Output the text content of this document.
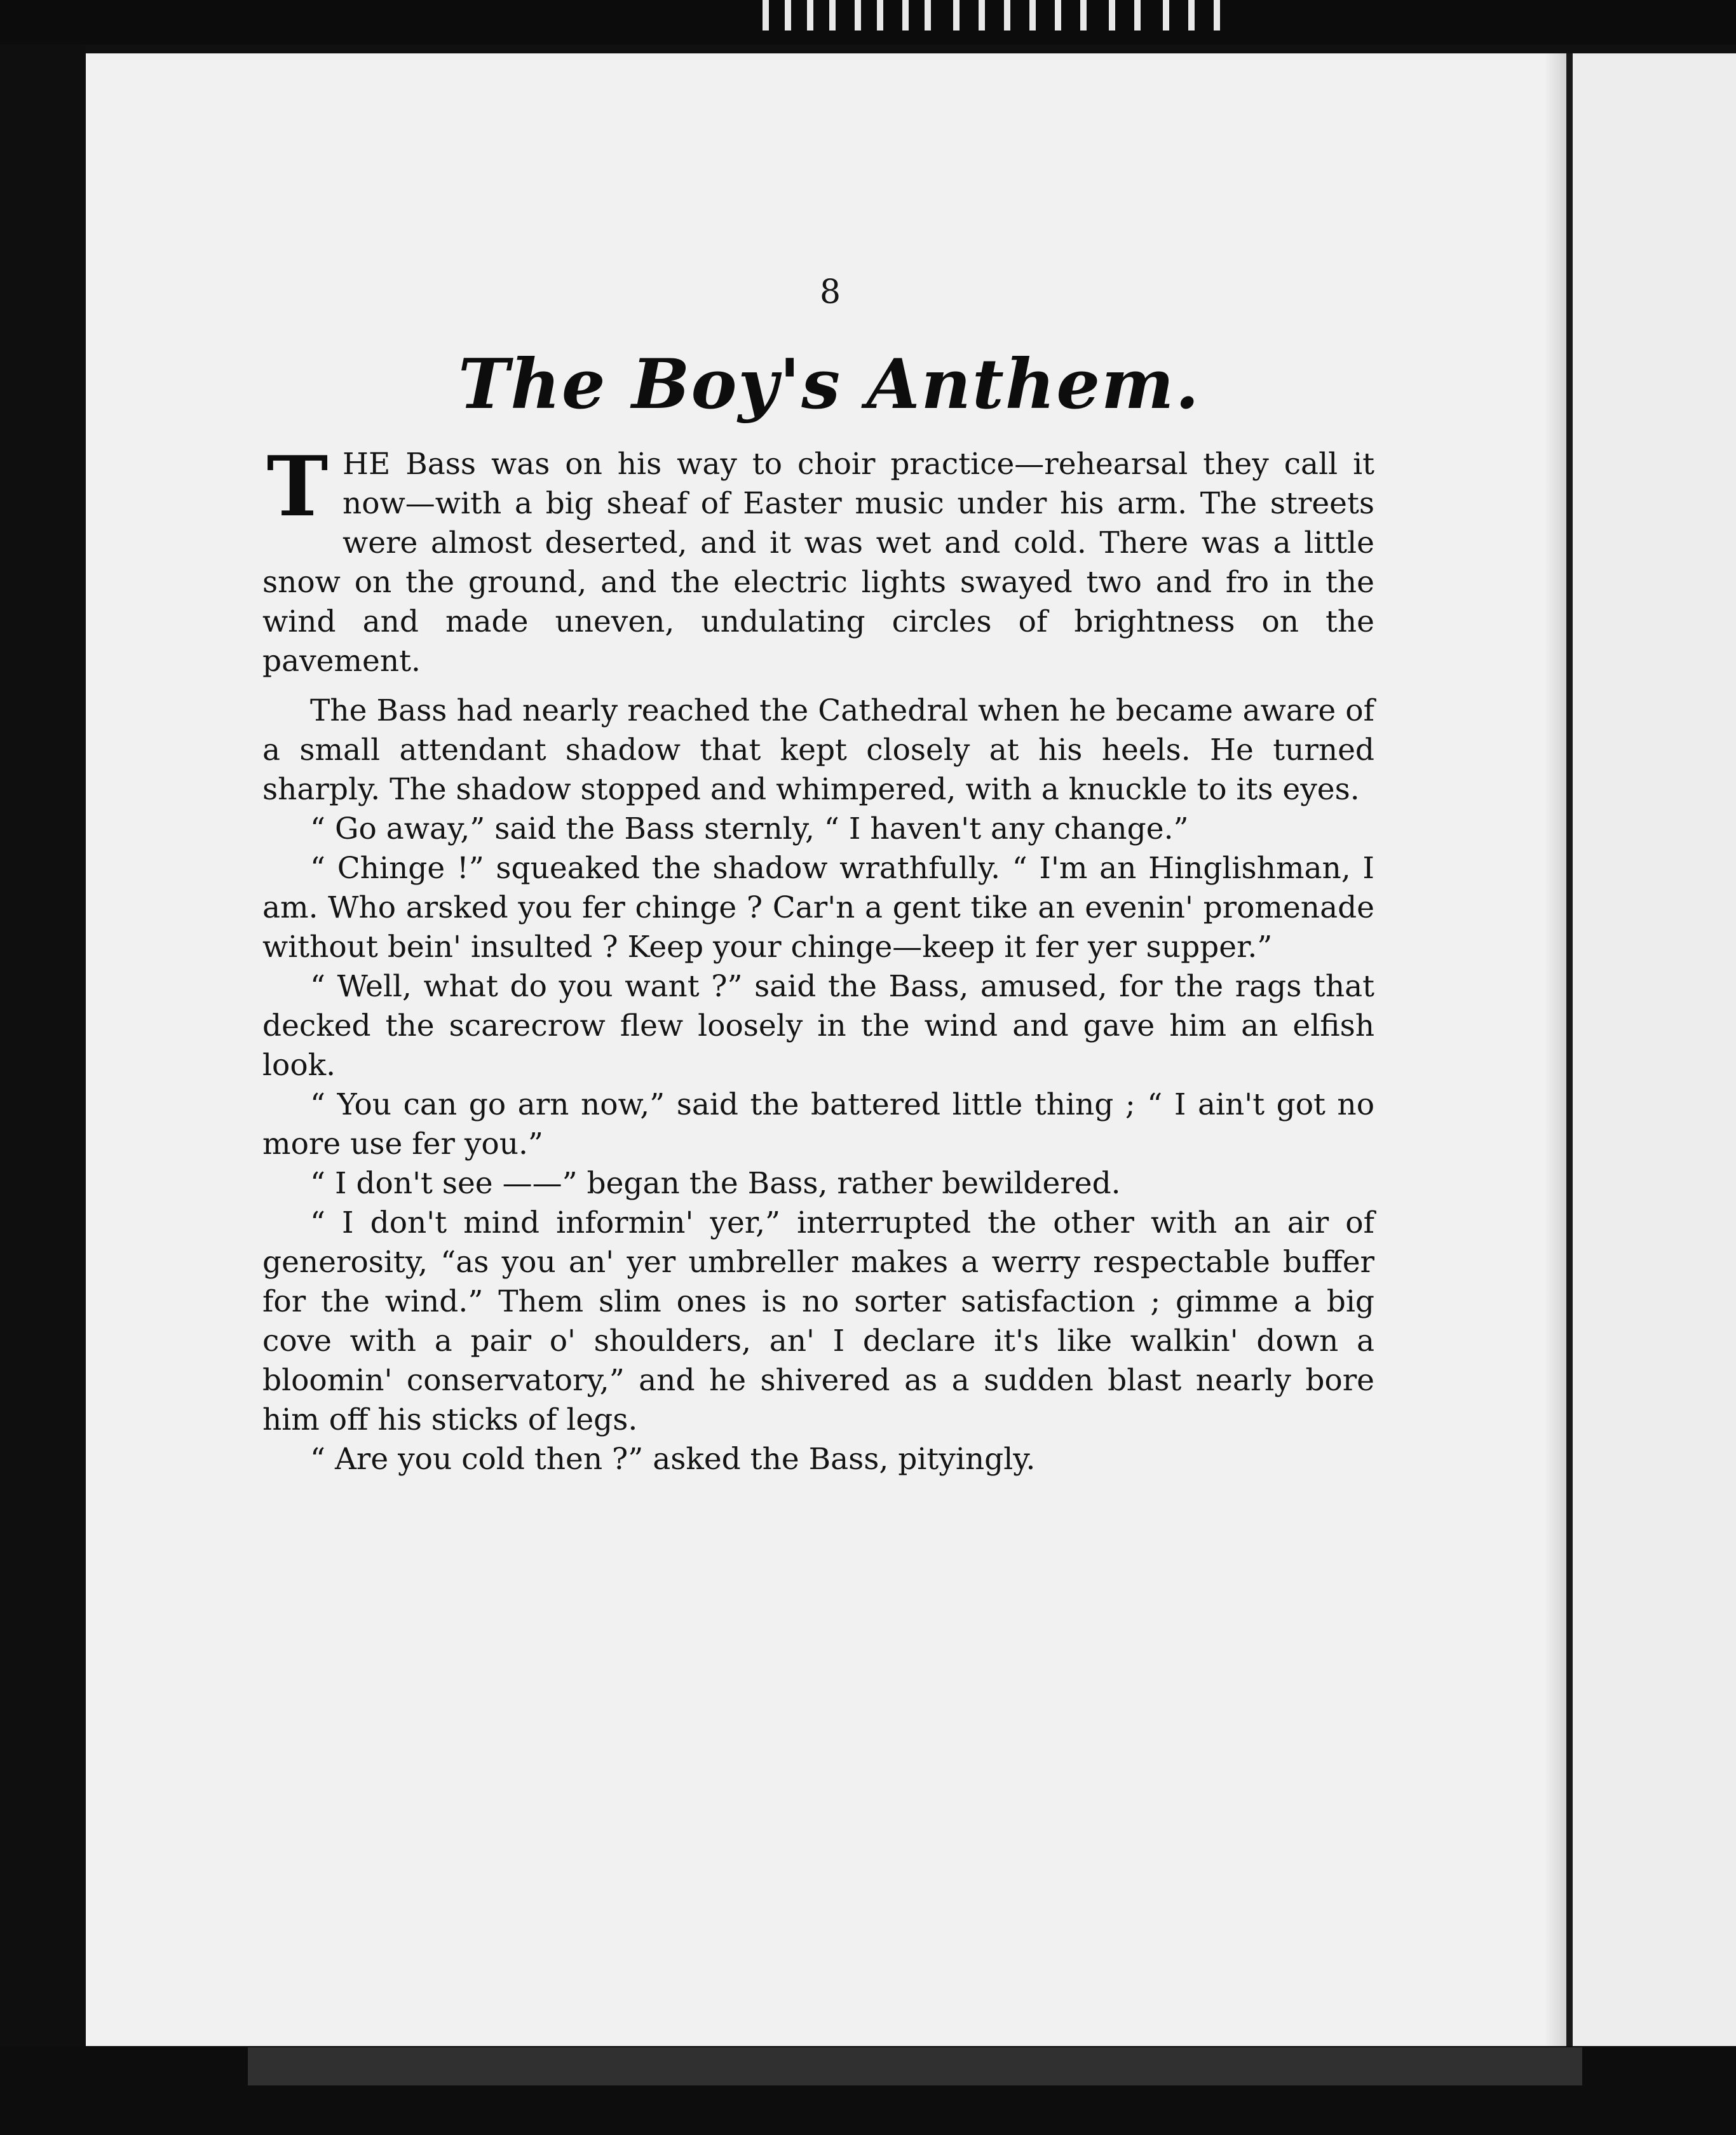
8
The Boy's Anthem.

THE Bass was on his way to choir practice—rehearsal they call it now—with a big sheaf of Easter music under his arm. The streets were almost deserted, and it was wet and cold. There was a little snow on the ground, and the electric lights swayed two and fro in the wind and made uneven, undulating circles of brightness on the pavement.

The Bass had nearly reached the Cathedral when he became aware of a small attendant shadow that kept closely at his heels. He turned sharply. The shadow stopped and whimpered, with a knuckle to its eyes.

“ Go away,” said the Bass sternly, “ I haven't any change.”

“ Chinge !” squeaked the shadow wrathfully. “ I'm an Hinglishman, I am. Who arsked you fer chinge ? Car'n a gent tike an evenin' promenade without bein' insulted ? Keep your chinge—keep it fer yer supper.”

“ Well, what do you want ?” said the Bass, amused, for the rags that decked the scarecrow flew loosely in the wind and gave him an elfish look.

“ You can go arn now,” said the battered little thing ; “ I ain't got no more use fer you.”

“ I don't see ——” began the Bass, rather bewildered.

“ I don't mind informin' yer,” interrupted the other with an air of generosity, “as you an' yer umbreller makes a werry respectable buffer for the wind.” Them slim ones is no sorter satisfaction ; gimme a big cove with a pair o' shoulders, an' I declare it's like walkin' down a bloomin' conservatory,” and he shivered as a sudden blast nearly bore him off his sticks of legs.

“ Are you cold then ?” asked the Bass, pityingly.
